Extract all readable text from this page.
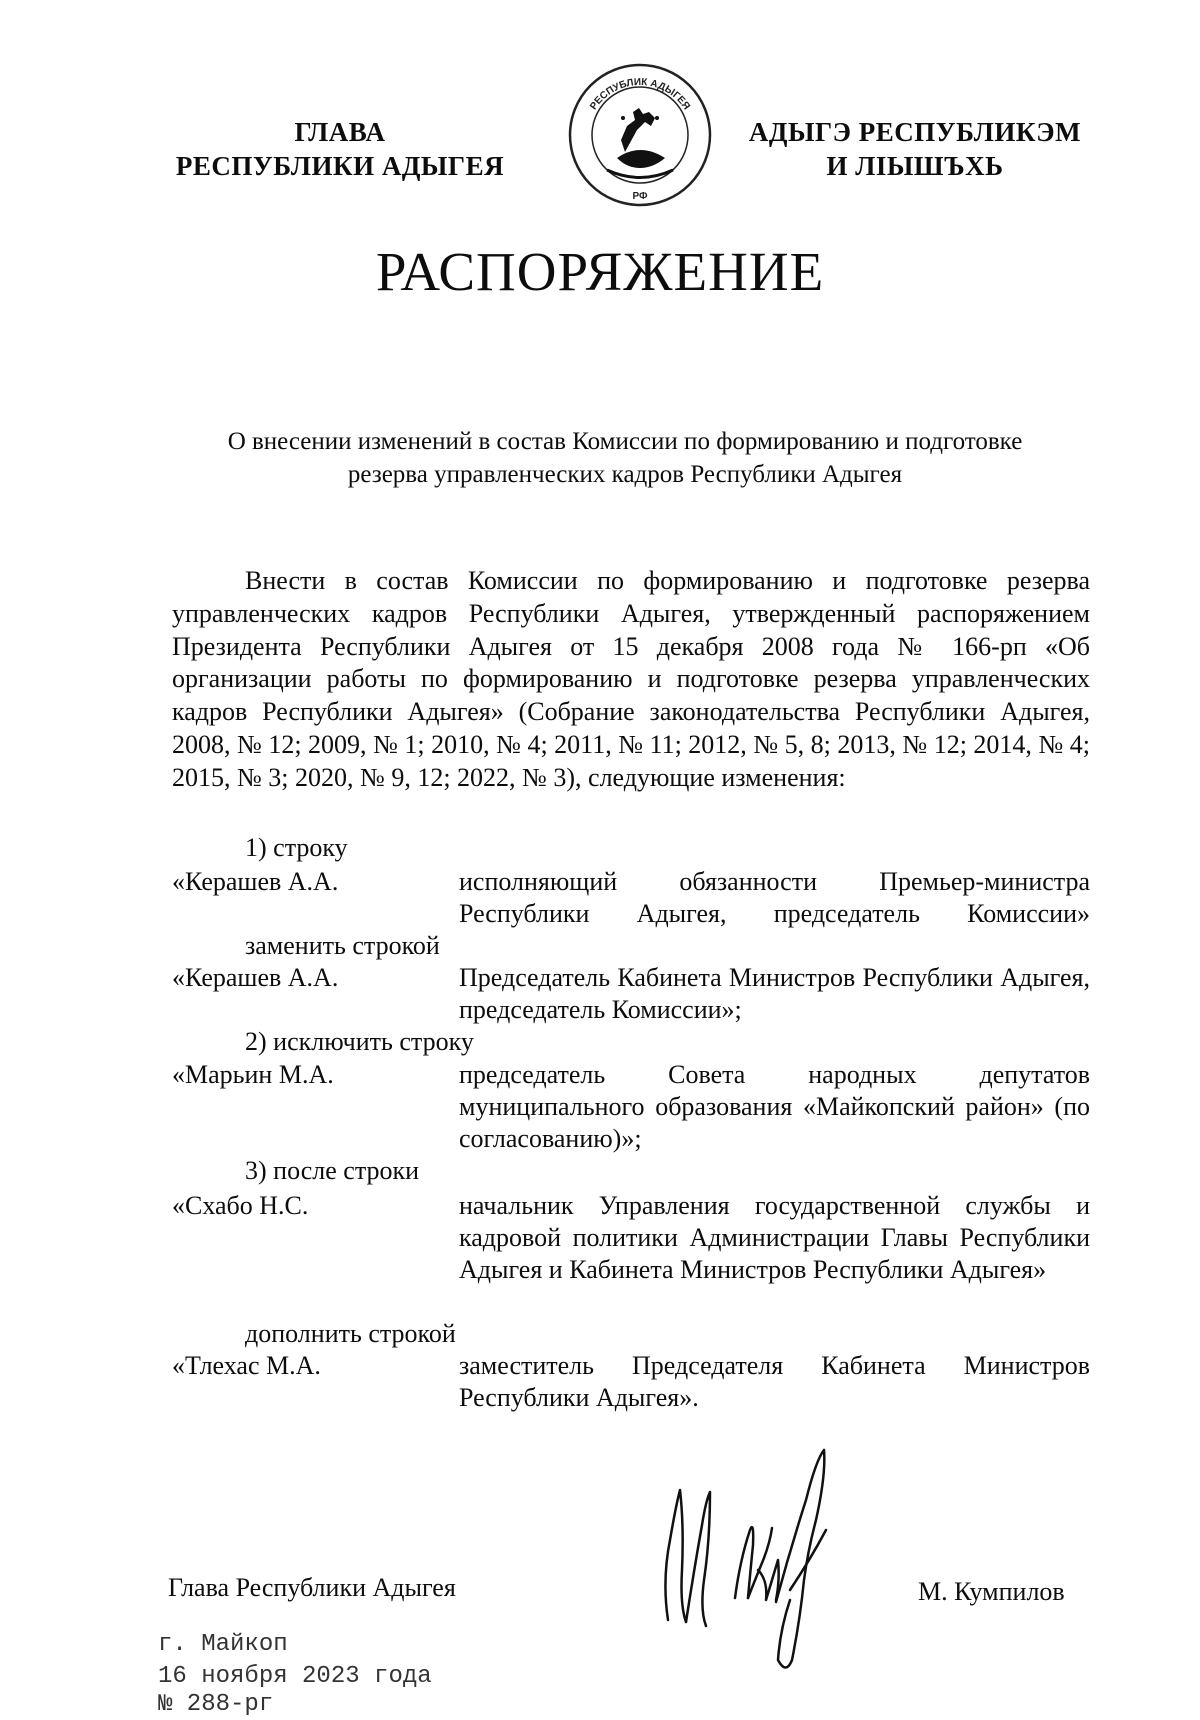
ГЛАВА
РЕСПУБЛИКИ АДЫГЕЯ
РЕСПУБЛИК АДЫГЕЯ
РФ
АДЫГЭ РЕСПУБЛИКЭМ
И ЛІЫШЪХЬ
РАСПОРЯЖЕНИЕ
О внесении изменений в состав Комиссии по формированию и подготовке
резерва управленческих кадров Республики Адыгея
Внести в состав Комиссии по формированию и подготовке резерва управленческих кадров Республики Адыгея, утвержденный распоряжением Президента Республики Адыгея от 15 декабря 2008 года № 166-рп «Об организации работы по формированию и подготовке резерва управленческих кадров Республики Адыгея» (Собрание законодательства Республики Адыгея, 2008, № 12; 2009, № 1; 2010, № 4; 2011, № 11; 2012, № 5, 8; 2013, № 12; 2014, № 4; 2015, № 3; 2020, № 9, 12; 2022, № 3), следующие изменения:
1) строку
«Керашев А.А.	исполняющий обязанности Премьер-министра Республики Адыгея, председатель Комиссии»
заменить строкой
«Керашев А.А.	Председатель Кабинета Министров Республики Адыгея, председатель Комиссии»;
2) исключить строку
«Марьин М.А.	председатель Совета народных депутатов муниципального образования «Майкопский район» (по согласованию)»;
3) после строки
«Схабо Н.С.	начальник Управления государственной службы и кадровой политики Администрации Главы Республики Адыгея и Кабинета Министров Республики Адыгея»
дополнить строкой
«Тлехас М.А.	заместитель Председателя Кабинета Министров Республики Адыгея».
Глава Республики Адыгея	М. Кумпилов
г. Майкоп
16 ноября 2023 года
№ 288-рг
